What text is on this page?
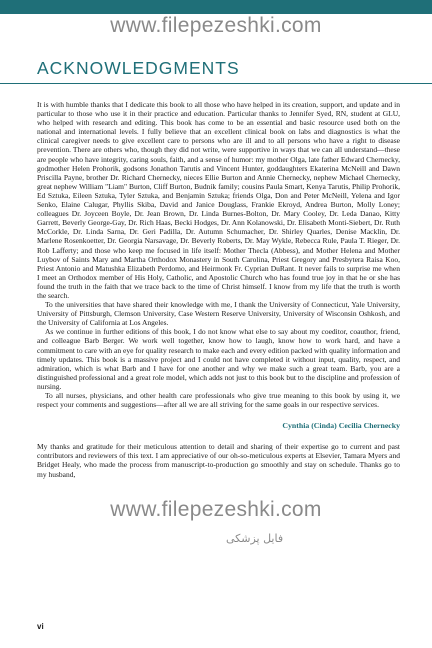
www.filepezeshki.com
ACKNOWLEDGMENTS

It is with humble thanks that I dedicate this book to all those who have helped in its creation, support, and update and in particular to those who use it in their practice and education. Particular thanks to Jennifer Syed, RN, student at GLU, who helped with research and editing. This book has come to be an essential and basic resource used both on the national and international levels. I fully believe that an excellent clinical book on labs and diagnostics is what the clinical caregiver needs to give excellent care to persons who are ill and to all persons who have a right to disease prevention. There are others who, though they did not write, were supportive in ways that we can all understand—these are people who have integrity, caring souls, faith, and a sense of humor: my mother Olga, late father Edward Chernecky, godmother Helen Prohorik, godsons Jonathon Tarutis and Vincent Hunter, goddaughters Ekaterina McNeill and Dawn Priscilla Payne, brother Dr. Richard Chernecky, nieces Ellie Burton and Annie Chernecky, nephew Michael Chernecky, great nephew William "Liam" Burton, Cliff Burton, Budnik family; cousins Paula Smart, Kenya Tarutis, Philip Prohorik, Ed Sztuka, Eileen Sztuka, Tyler Sztuka, and Benjamin Sztuka; friends Olga, Don and Peter McNeill, Yelena and Igor Senko, Elaine Calugar, Phyllis Skiba, David and Janice Douglass, Frankie Ekroyd, Andrea Burton, Molly Loney; colleagues Dr. Joyceen Boyle, Dr. Jean Brown, Dr. Linda Burnes-Bolton, Dr. Mary Cooley, Dr. Leda Danao, Kitty Garrett, Beverly George-Gay, Dr. Rich Haas, Becki Hodges, Dr. Ann Kolanowski, Dr. Elisabeth Monti-Siebert, Dr. Ruth McCorkle, Dr. Linda Sarna, Dr. Geri Padilla, Dr. Autumn Schumacher, Dr. Shirley Quarles, Denise Macklin, Dr. Marlene Rosenkoetter, Dr. Georgia Narsavage, Dr. Beverly Roberts, Dr. May Wykle, Rebecca Rule, Paula T. Rieger, Dr. Rob Lafferty; and those who keep me focused in life itself: Mother Thecla (Abbess), and Mother Helena and Mother Luybov of Saints Mary and Martha Orthodox Monastery in South Carolina, Priest Gregory and Presbytera Raisa Koo, Priest Antonio and Matushka Elizabeth Perdomo, and Heirmonk Fr. Cyprian DuRant. It never fails to surprise me when I meet an Orthodox member of His Holy, Catholic, and Apostolic Church who has found true joy in that he or she has found the truth in the faith that we trace back to the time of Christ himself. I know from my life that the truth is worth the search.

To the universities that have shared their knowledge with me, I thank the University of Connecticut, Yale University, University of Pittsburgh, Clemson University, Case Western Reserve University, University of Wisconsin Oshkosh, and the University of California at Los Angeles.

As we continue in further editions of this book, I do not know what else to say about my coeditor, coauthor, friend, and colleague Barb Berger. We work well together, know how to laugh, know how to work hard, and have a commitment to care with an eye for quality research to make each and every edition packed with quality information and timely updates. This book is a massive project and I could not have completed it without input, quality, respect, and admiration, which is what Barb and I have for one another and why we make such a great team. Barb, you are a distinguished professional and a great role model, which adds not just to this book but to the discipline and profession of nursing.

To all nurses, physicians, and other health care professionals who give true meaning to this book by using it, we respect your comments and suggestions—after all we are all striving for the same goals in our respective services.

Cynthia (Cinda) Cecilia Chernecky

My thanks and gratitude for their meticulous attention to detail and sharing of their expertise go to current and past contributors and reviewers of this text. I am appreciative of our oh-so-meticulous experts at Elsevier, Tamara Myers and Bridget Healy, who made the process from manuscript-to-production go smoothly and stay on schedule. Thanks go to my husband,

www.filepezeshki.com
فایل پزشکی
vi
